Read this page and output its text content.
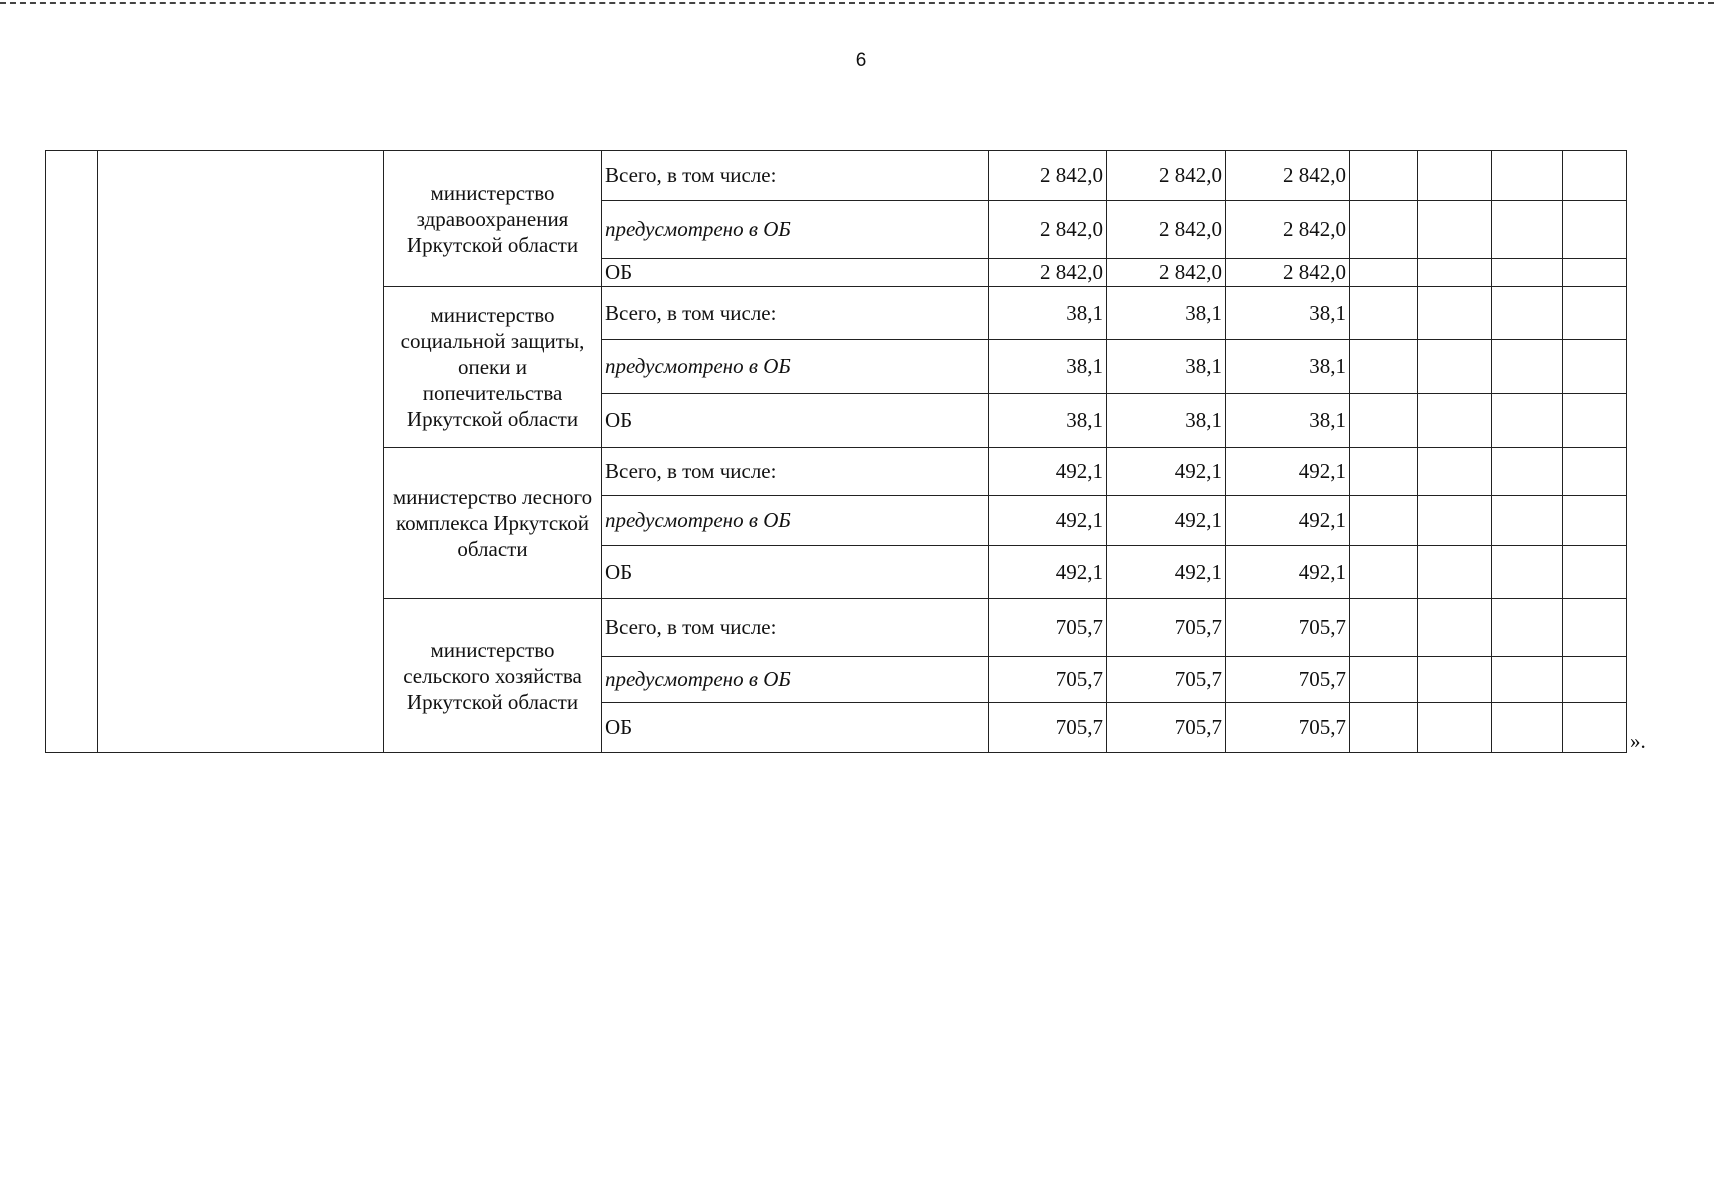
6
		министерство здравоохранения Иркутской области	Всего, в том числе:	2 842,0	2 842,0	2 842,0				
			предусмотрено в ОБ	2 842,0	2 842,0	2 842,0				
			ОБ	2 842,0	2 842,0	2 842,0				
		министерство социальной защиты, опеки и попечительства Иркутской области	Всего, в том числе:	38,1	38,1	38,1				
			предусмотрено в ОБ	38,1	38,1	38,1				
			ОБ	38,1	38,1	38,1				
		министерство лесного комплекса Иркутской области	Всего, в том числе:	492,1	492,1	492,1				
			предусмотрено в ОБ	492,1	492,1	492,1				
			ОБ	492,1	492,1	492,1				
		министерство сельского хозяйства Иркутской области	Всего, в том числе:	705,7	705,7	705,7				
			предусмотрено в ОБ	705,7	705,7	705,7				
			ОБ	705,7	705,7	705,7				
».
